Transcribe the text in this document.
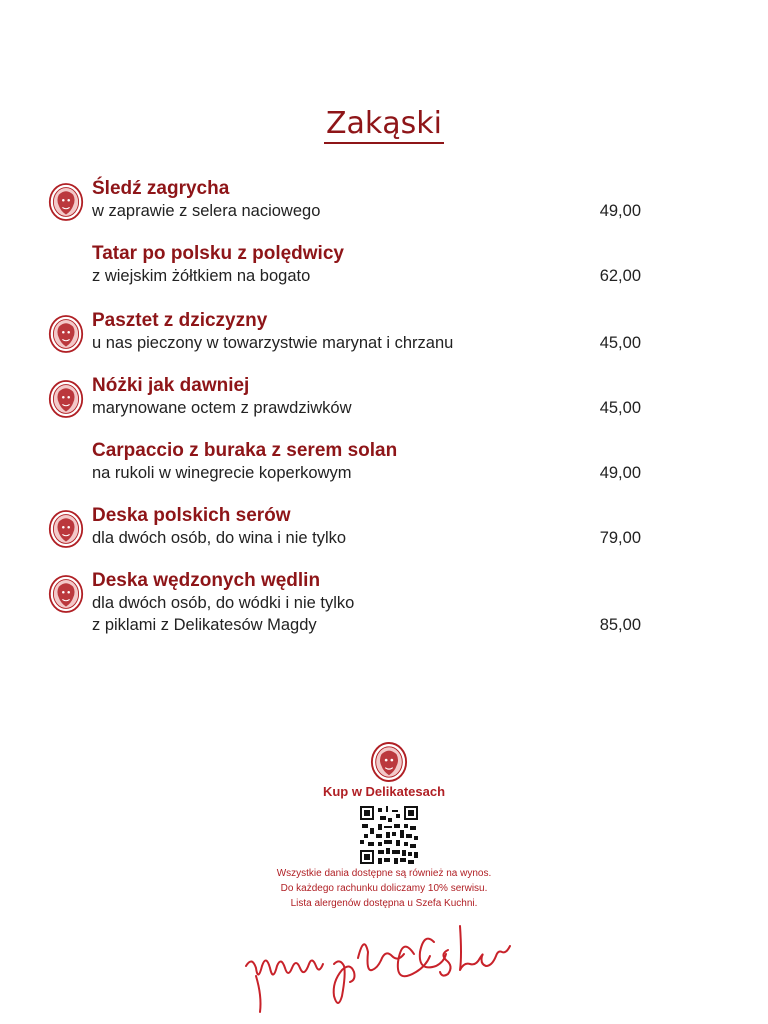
Zakąski
Śledź zagrycha
w zaprawie z selera naciowego	49,00
Tatar po polsku z polędwicy
z wiejskim żółtkiem na bogato	62,00
Pasztet z dziczyzny
u nas pieczony w towarzystwie marynat i chrzanu	45,00
Nóżki jak dawniej
marynowane octem z prawdziwków	45,00
Carpaccio z buraka z serem solan
na rukoli w winegrecie koperkowym	49,00
Deska polskich serów
dla dwóch osób, do wina i nie tylko	79,00
Deska wędzonych wędlin
dla dwóch osób, do wódki i nie tylko
z piklami z Delikatesów Magdy	85,00
Kup w Delikatesach
Wszystkie dania dostępne są również na wynos.
Do każdego rachunku doliczamy 10% serwisu.
Lista alergenów dostępna u Szefa Kuchni.
